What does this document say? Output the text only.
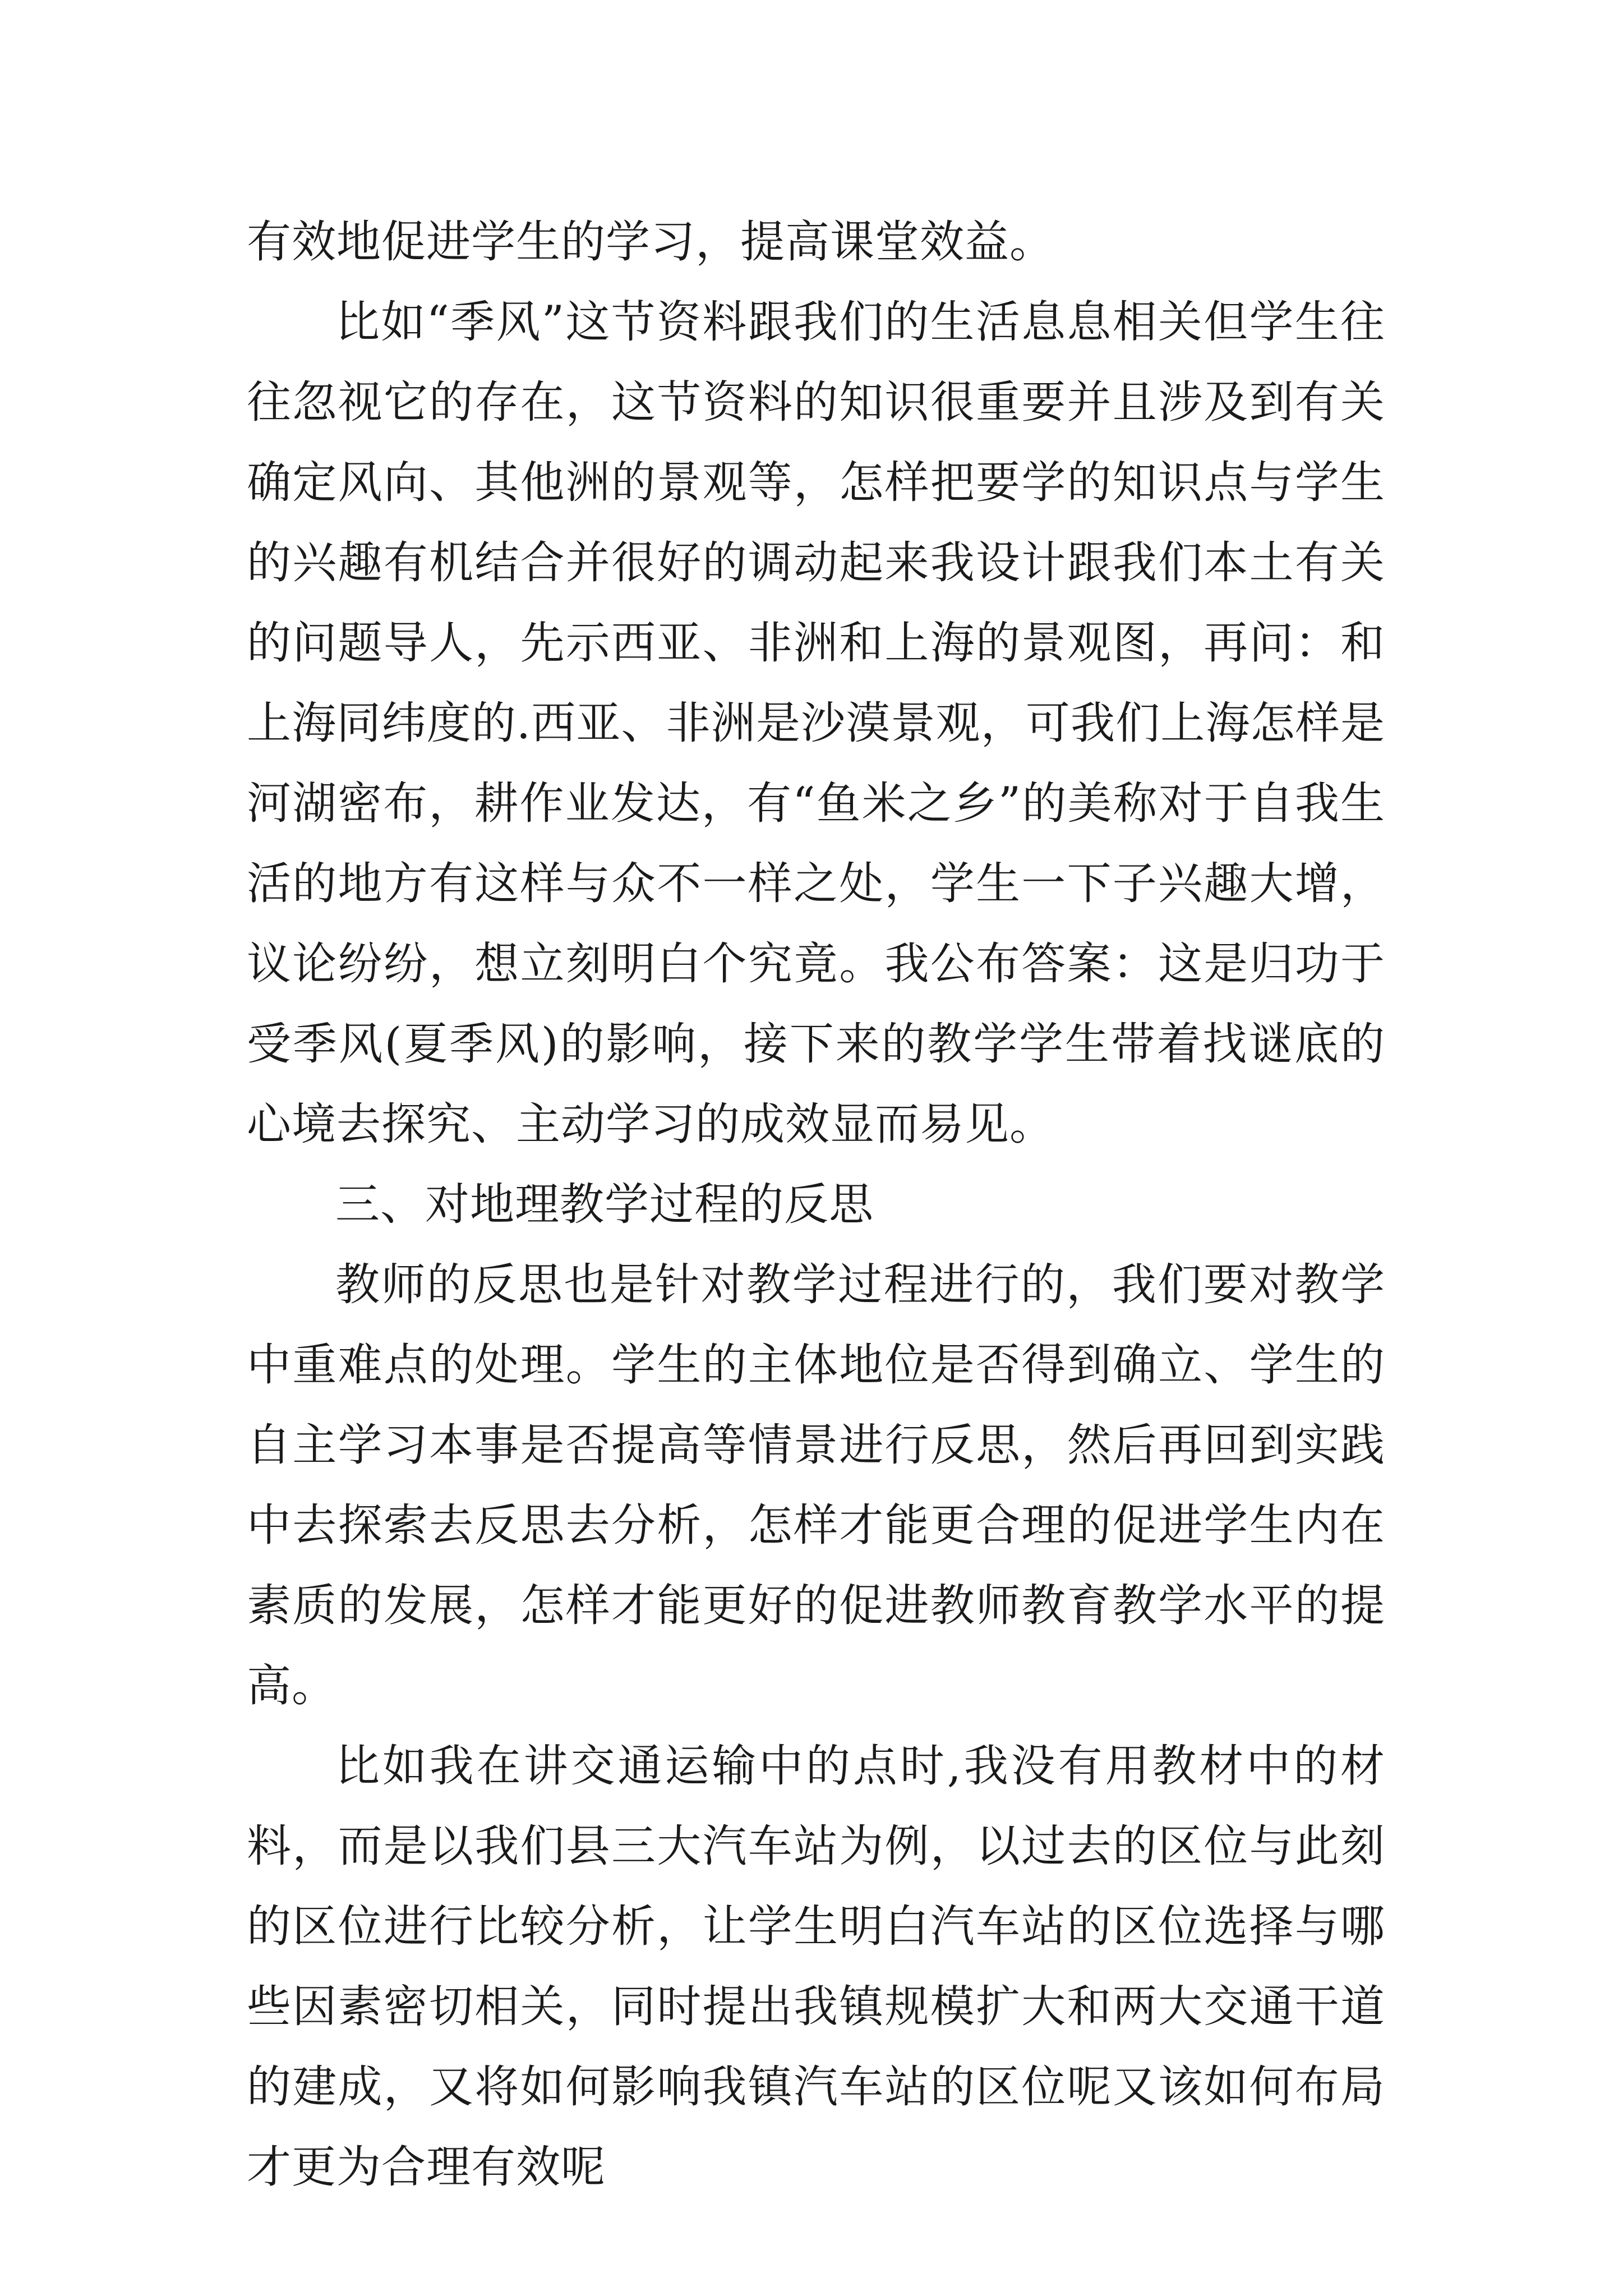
有效地促进学生的学习，提高课堂效益。

比如“季风”这节资料跟我们的生活息息相关但学生往往忽视它的存在，这节资料的知识很重要并且涉及到有关确定风向、其他洲的景观等，怎样把要学的知识点与学生的兴趣有机结合并很好的调动起来我设计跟我们本土有关的问题导人，先示西亚、非洲和上海的景观图，再问：和上海同纬度的.西亚、非洲是沙漠景观，可我们上海怎样是河湖密布，耕作业发达，有“鱼米之乡”的美称对于自我生活的地方有这样与众不一样之处，学生一下子兴趣大增，议论纷纷，想立刻明白个究竟。我公布答案：这是归功于受季风(夏季风)的影响，接下来的教学学生带着找谜底的心境去探究、主动学习的成效显而易见。

三、对地理教学过程的反思

教师的反思也是针对教学过程进行的，我们要对教学中重难点的处理。学生的主体地位是否得到确立、学生的自主学习本事是否提高等情景进行反思，然后再回到实践中去探索去反思去分析，怎样才能更合理的促进学生内在素质的发展，怎样才能更好的促进教师教育教学水平的提高。

比如我在讲交通运输中的点时,我没有用教材中的材料，而是以我们县三大汽车站为例，以过去的区位与此刻的区位进行比较分析，让学生明白汽车站的区位选择与哪些因素密切相关，同时提出我镇规模扩大和两大交通干道的建成，又将如何影响我镇汽车站的区位呢又该如何布局才更为合理有效呢
